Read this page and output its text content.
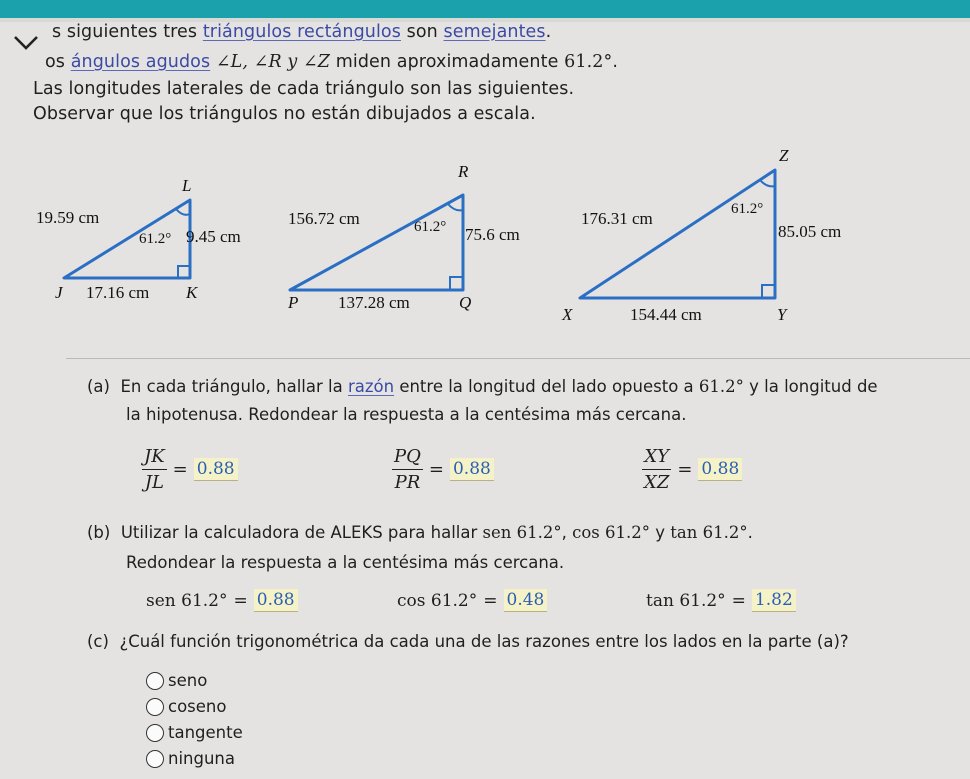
s siguientes tres triángulos rectángulos son semejantes.
os ángulos agudos ∠L, ∠R y ∠Z miden aproximadamente 61.2°.
Las longitudes laterales de cada triángulo son las siguientes.
Observar que los triángulos no están dibujados a escala.
L
19.59 cm
61.2° 9.45 cm
J 17.16 cm K
R
156.72 cm	61.2° 75.6 cm
P 137.28 cm	Q
Z
176.31 cm	61.2°
85.05 cm
X	154.44 cm	Y
(a) En cada triángulo, hallar la razón entre la longitud del lado opuesto a 61.2° y la longitud de
la hipotenusa. Redondear la respuesta a la centésima más cercana.
$\frac{JK}{JL} = 0.88$	$\frac{PQ}{PR} = 0.88$	$\frac{XY}{XZ} = 0.88$
(b) Utilizar la calculadora de ALEKS para hallar sen 61.2°, cos 61.2° y tan 61.2°.
Redondear la respuesta a la centésima más cercana.
sen 61.2° = 0.88	cos 61.2° = 0.48	tan 61.2° = 1.82
(c) ¿Cuál función trigonométrica da cada una de las razones entre los lados en la parte (a)?
seno
coseno
tangente
ninguna
